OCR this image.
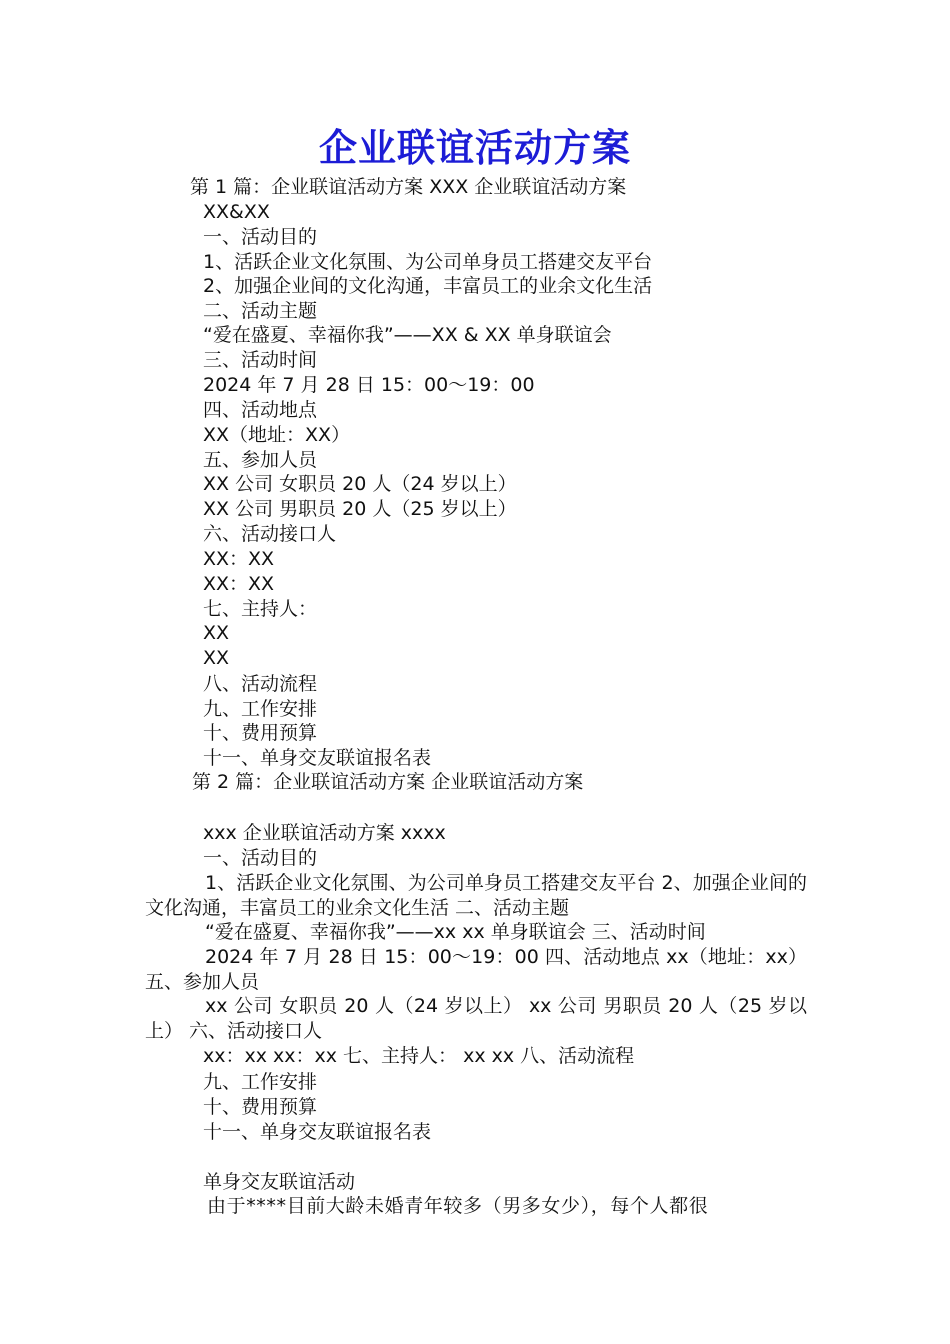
企业联谊活动方案
第 1 篇：企业联谊活动方案 XXX 企业联谊活动方案
XX&XX
一、活动目的
1、活跃企业文化氛围、为公司单身员工搭建交友平台
2、加强企业间的文化沟通，丰富员工的业余文化生活
二、活动主题
“爱在盛夏、幸福你我”——XX & XX 单身联谊会
三、活动时间
2024 年 7 月 28 日 15：00～19：00
四、活动地点
XX（地址：XX）
五、参加人员
XX 公司 女职员 20 人（24 岁以上）
XX 公司 男职员 20 人（25 岁以上）
六、活动接口人
XX：XX
XX：XX
七、主持人：
XX
XX
八、活动流程
九、工作安排
十、费用预算
十一、单身交友联谊报名表
第 2 篇：企业联谊活动方案 企业联谊活动方案
xxx 企业联谊活动方案 xxxx
一、活动目的
1、活跃企业文化氛围、为公司单身员工搭建交友平台 2、加强企业间的文化沟通，丰富员工的业余文化生活 二、活动主题
“爱在盛夏、幸福你我”——xx xx 单身联谊会 三、活动时间
2024 年 7 月 28 日 15：00～19：00 四、活动地点 xx（地址：xx） 五、参加人员
xx 公司 女职员 20 人（24 岁以上） xx 公司 男职员 20 人（25 岁以上） 六、活动接口人
xx：xx xx：xx 七、主持人： xx xx 八、活动流程
九、工作安排
十、费用预算
十一、单身交友联谊报名表
单身交友联谊活动
由于****目前大龄未婚青年较多（男多女少），每个人都很
